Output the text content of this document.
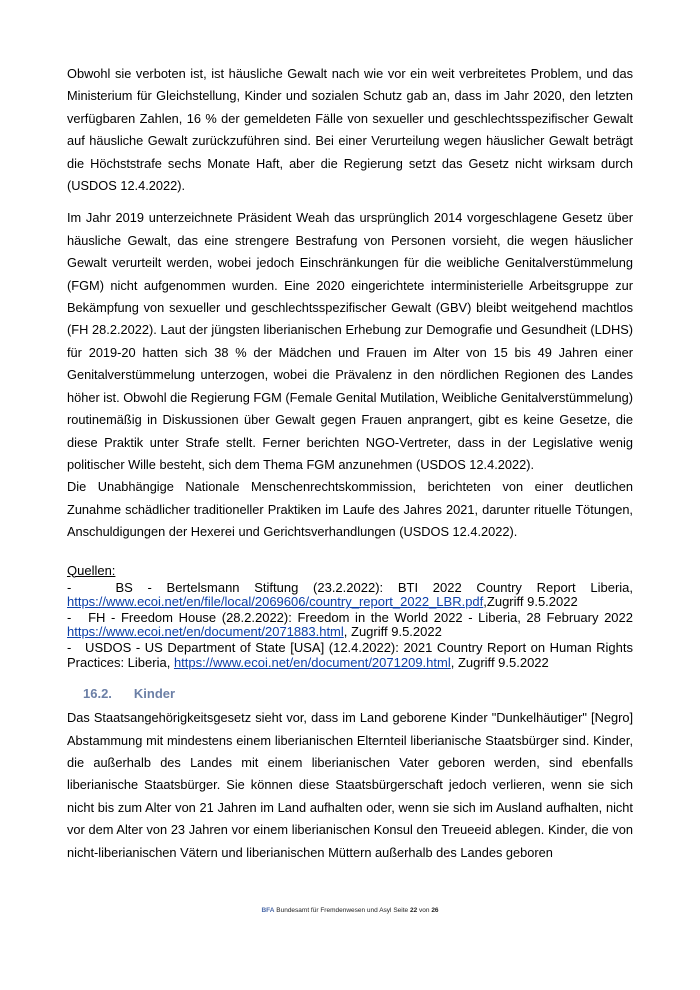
Obwohl sie verboten ist, ist häusliche Gewalt nach wie vor ein weit verbreitetes Problem, und das Ministerium für Gleichstellung, Kinder und sozialen Schutz gab an, dass im Jahr 2020, den letzten verfügbaren Zahlen, 16 % der gemeldeten Fälle von sexueller und geschlechtsspezifischer Gewalt auf häusliche Gewalt zurückzuführen sind. Bei einer Verurteilung wegen häuslicher Gewalt beträgt die Höchststrafe sechs Monate Haft, aber die Regierung setzt das Gesetz nicht wirksam durch (USDOS 12.4.2022).

Im Jahr 2019 unterzeichnete Präsident Weah das ursprünglich 2014 vorgeschlagene Gesetz über häusliche Gewalt, das eine strengere Bestrafung von Personen vorsieht, die wegen häuslicher Gewalt verurteilt werden, wobei jedoch Einschränkungen für die weibliche Genitalverstümmelung (FGM) nicht aufgenommen wurden. Eine 2020 eingerichtete interministerielle Arbeitsgruppe zur Bekämpfung von sexueller und geschlechtsspezifischer Gewalt (GBV) bleibt weitgehend machtlos (FH 28.2.2022). Laut der jüngsten liberianischen Erhebung zur Demografie und Gesundheit (LDHS) für 2019-20 hatten sich 38 % der Mädchen und Frauen im Alter von 15 bis 49 Jahren einer Genitalverstümmelung unterzogen, wobei die Prävalenz in den nördlichen Regionen des Landes höher ist. Obwohl die Regierung FGM (Female Genital Mutilation, Weibliche Genitalverstümmelung) routinemäßig in Diskussionen über Gewalt gegen Frauen anprangert, gibt es keine Gesetze, die diese Praktik unter Strafe stellt. Ferner berichten NGO-Vertreter, dass in der Legislative wenig politischer Wille besteht, sich dem Thema FGM anzunehmen (USDOS 12.4.2022).

Die Unabhängige Nationale Menschenrechtskommission, berichteten von einer deutlichen Zunahme schädlicher traditioneller Praktiken im Laufe des Jahres 2021, darunter rituelle Tötungen, Anschuldigungen der Hexerei und Gerichtsverhandlungen (USDOS 12.4.2022).

Quellen:
-   BS - Bertelsmann Stiftung (23.2.2022): BTI 2022 Country Report Liberia, https://www.ecoi.net/en/file/local/2069606/country_report_2022_LBR.pdf,Zugriff 9.5.2022
-   FH - Freedom House (28.2.2022): Freedom in the World 2022 - Liberia, 28 February 2022 https://www.ecoi.net/en/document/2071883.html, Zugriff 9.5.2022
-   USDOS - US Department of State [USA] (12.4.2022): 2021 Country Report on Human Rights Practices: Liberia, https://www.ecoi.net/en/document/2071209.html, Zugriff 9.5.2022
16.2. Kinder

Das Staatsangehörigkeitsgesetz sieht vor, dass im Land geborene Kinder "Dunkelhäutiger" [Negro] Abstammung mit mindestens einem liberianischen Elternteil liberianische Staatsbürger sind. Kinder, die außerhalb des Landes mit einem liberianischen Vater geboren werden, sind ebenfalls liberianische Staatsbürger. Sie können diese Staatsbürgerschaft jedoch verlieren, wenn sie sich nicht bis zum Alter von 21 Jahren im Land aufhalten oder, wenn sie sich im Ausland aufhalten, nicht vor dem Alter von 23 Jahren vor einem liberianischen Konsul den Treueeid ablegen. Kinder, die von nicht-liberianischen Vätern und liberianischen Müttern außerhalb des Landes geboren

BFA Bundesamt für Fremdenwesen und Asyl Seite 22 von 26
